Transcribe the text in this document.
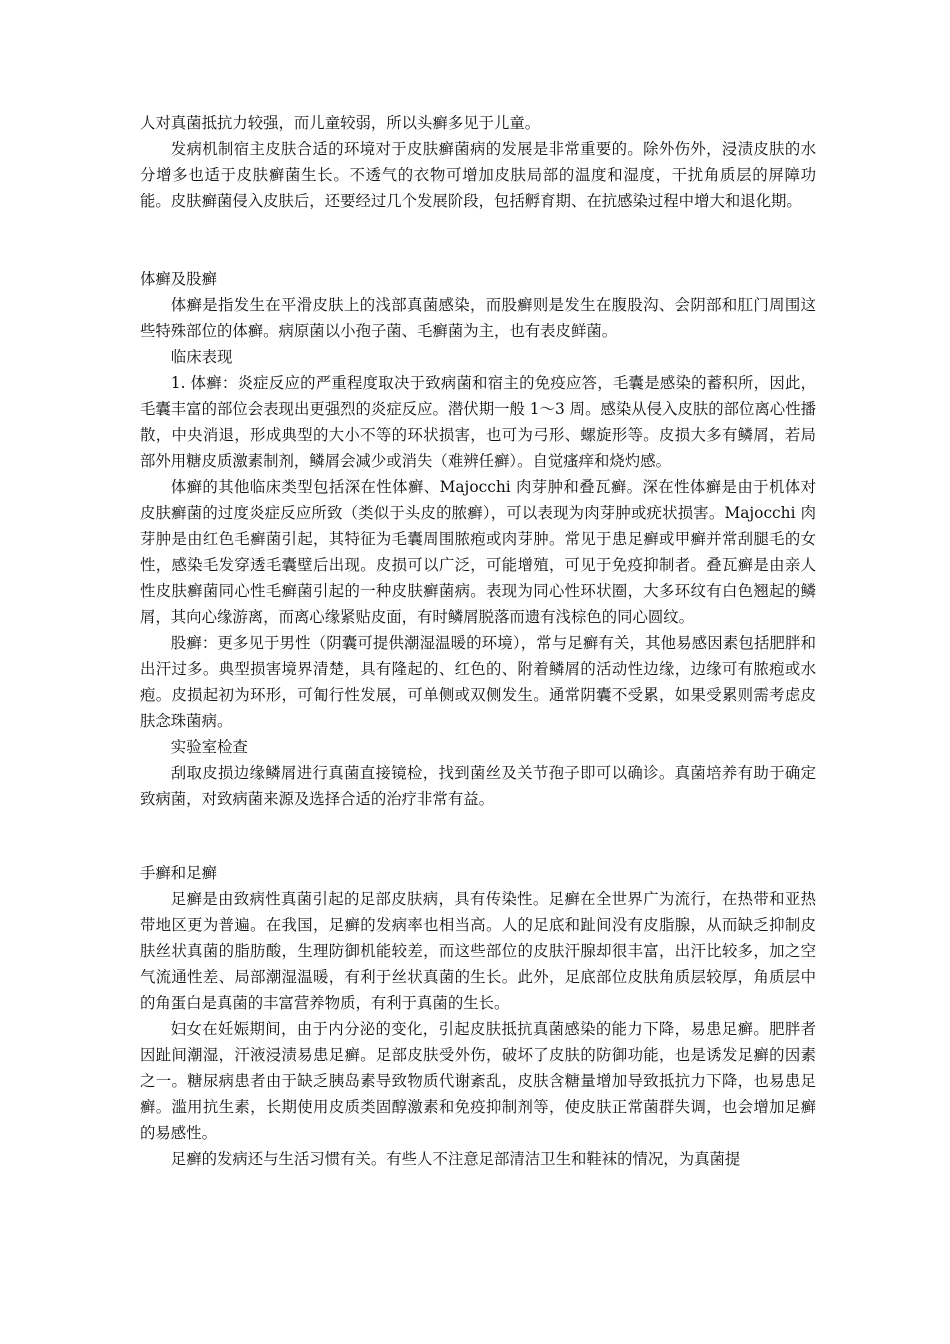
人对真菌抵抗力较强，而儿童较弱，所以头癣多见于儿童。

发病机制宿主皮肤合适的环境对于皮肤癣菌病的发展是非常重要的。除外伤外，浸渍皮肤的水分增多也适于皮肤癣菌生长。不透气的衣物可增加皮肤局部的温度和湿度，干扰角质层的屏障功能。皮肤癣菌侵入皮肤后，还要经过几个发展阶段，包括孵育期、在抗感染过程中增大和退化期。

体癣及股癣

体癣是指发生在平滑皮肤上的浅部真菌感染，而股癣则是发生在腹股沟、会阴部和肛门周围这些特殊部位的体癣。病原菌以小孢子菌、毛癣菌为主，也有表皮鲜菌。

临床表现

1. 体癣：炎症反应的严重程度取决于致病菌和宿主的免疫应答，毛囊是感染的蓄积所，因此，毛囊丰富的部位会表现出更强烈的炎症反应。潜伏期一般 1～3 周。感染从侵入皮肤的部位离心性播散，中央消退，形成典型的大小不等的环状损害，也可为弓形、螺旋形等。皮损大多有鳞屑，若局部外用糖皮质激素制剂，鳞屑会减少或消失（难辨任癣）。自觉瘙痒和烧灼感。

体癣的其他临床类型包括深在性体癣、Majocchi 肉芽肿和叠瓦癣。深在性体癣是由于机体对皮肤癣菌的过度炎症反应所致（类似于头皮的脓癣），可以表现为肉芽肿或疣状损害。Majocchi 肉芽肿是由红色毛癣菌引起，其特征为毛囊周围脓疱或肉芽肿。常见于患足癣或甲癣并常刮腿毛的女性，感染毛发穿透毛囊壁后出现。皮损可以广泛，可能增殖，可见于免疫抑制者。叠瓦癣是由亲人性皮肤癣菌同心性毛癣菌引起的一种皮肤癣菌病。表现为同心性环状圈，大多环纹有白色翘起的鳞屑，其向心缘游离，而离心缘紧贴皮面，有时鳞屑脱落而遗有浅棕色的同心圆纹。

股癣：更多见于男性（阴囊可提供潮湿温暖的环境），常与足癣有关，其他易感因素包括肥胖和出汗过多。典型损害境界清楚，具有隆起的、红色的、附着鳞屑的活动性边缘，边缘可有脓疱或水疱。皮损起初为环形，可匍行性发展，可单侧或双侧发生。通常阴囊不受累，如果受累则需考虑皮肤念珠菌病。

实验室检查

刮取皮损边缘鳞屑进行真菌直接镜检，找到菌丝及关节孢子即可以确诊。真菌培养有助于确定致病菌，对致病菌来源及选择合适的治疗非常有益。

手癣和足癣

足癣是由致病性真菌引起的足部皮肤病，具有传染性。足癣在全世界广为流行，在热带和亚热带地区更为普遍。在我国，足癣的发病率也相当高。人的足底和趾间没有皮脂腺，从而缺乏抑制皮肤丝状真菌的脂肪酸，生理防御机能较差，而这些部位的皮肤汗腺却很丰富，出汗比较多，加之空气流通性差、局部潮湿温暖，有利于丝状真菌的生长。此外，足底部位皮肤角质层较厚，角质层中的角蛋白是真菌的丰富营养物质，有利于真菌的生长。

妇女在妊娠期间，由于内分泌的变化，引起皮肤抵抗真菌感染的能力下降，易患足癣。肥胖者因趾间潮湿，汗液浸渍易患足癣。足部皮肤受外伤，破坏了皮肤的防御功能，也是诱发足癣的因素之一。糖尿病患者由于缺乏胰岛素导致物质代谢紊乱，皮肤含糖量增加导致抵抗力下降，也易患足癣。滥用抗生素，长期使用皮质类固醇激素和免疫抑制剂等，使皮肤正常菌群失调，也会增加足癣的易感性。

足癣的发病还与生活习惯有关。有些人不注意足部清洁卫生和鞋袜的情况，为真菌提
